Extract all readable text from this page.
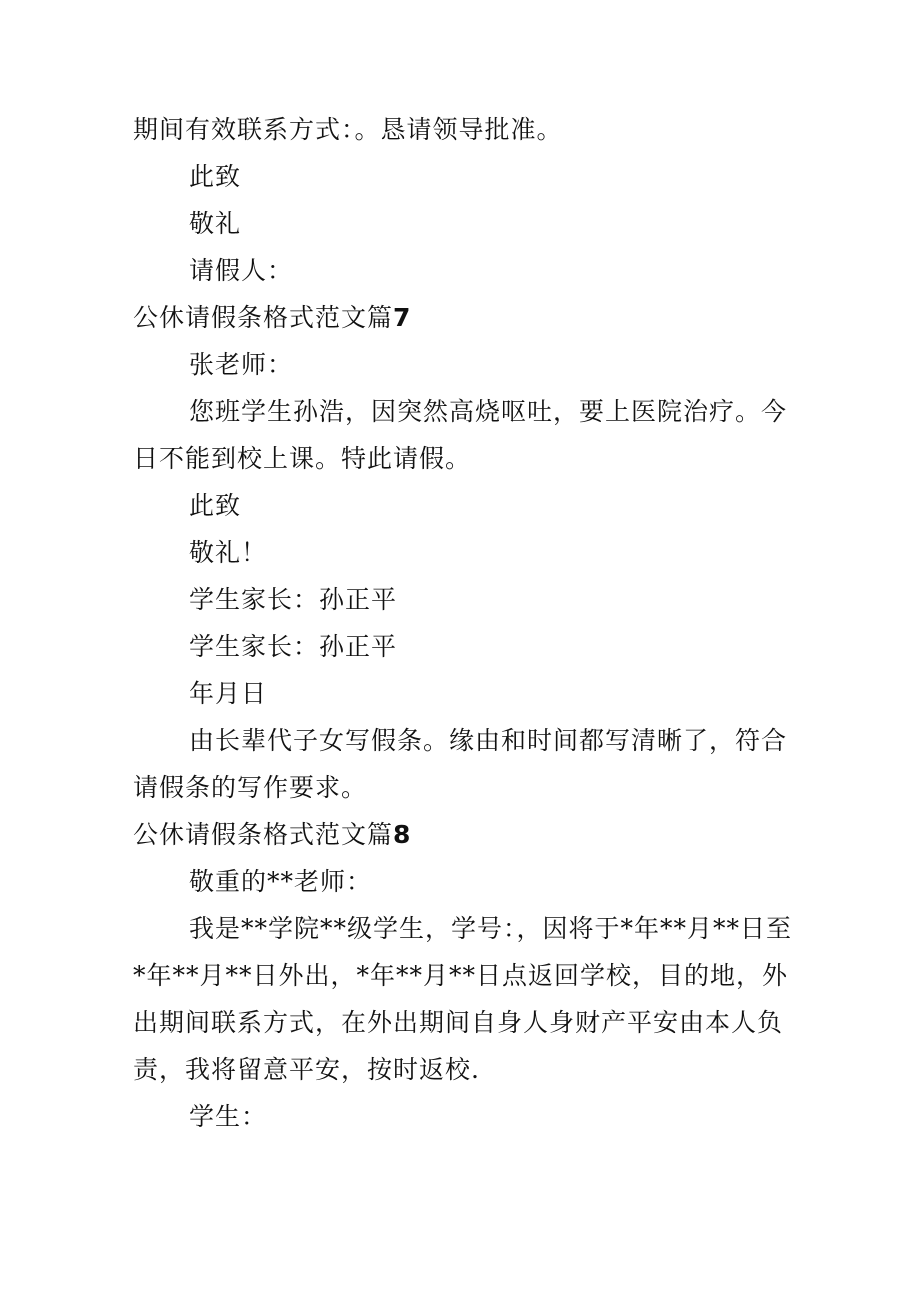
期间有效联系方式：。恳请领导批准。

此致

敬礼

请假人：

公休请假条格式范文篇7

张老师：

您班学生孙浩，因突然高烧呕吐，要上医院治疗。今日不能到校上课。特此请假。

此致

敬礼！

学生家长：孙正平

学生家长：孙正平

年月日

由长辈代子女写假条。缘由和时间都写清晰了，符合请假条的写作要求。

公休请假条格式范文篇8

敬重的**老师：

我是**学院**级学生，学号：，因将于*年**月**日至*年**月**日外出，*年**月**日点返回学校，目的地，外出期间联系方式，在外出期间自身人身财产平安由本人负责，我将留意平安，按时返校.

学生：
